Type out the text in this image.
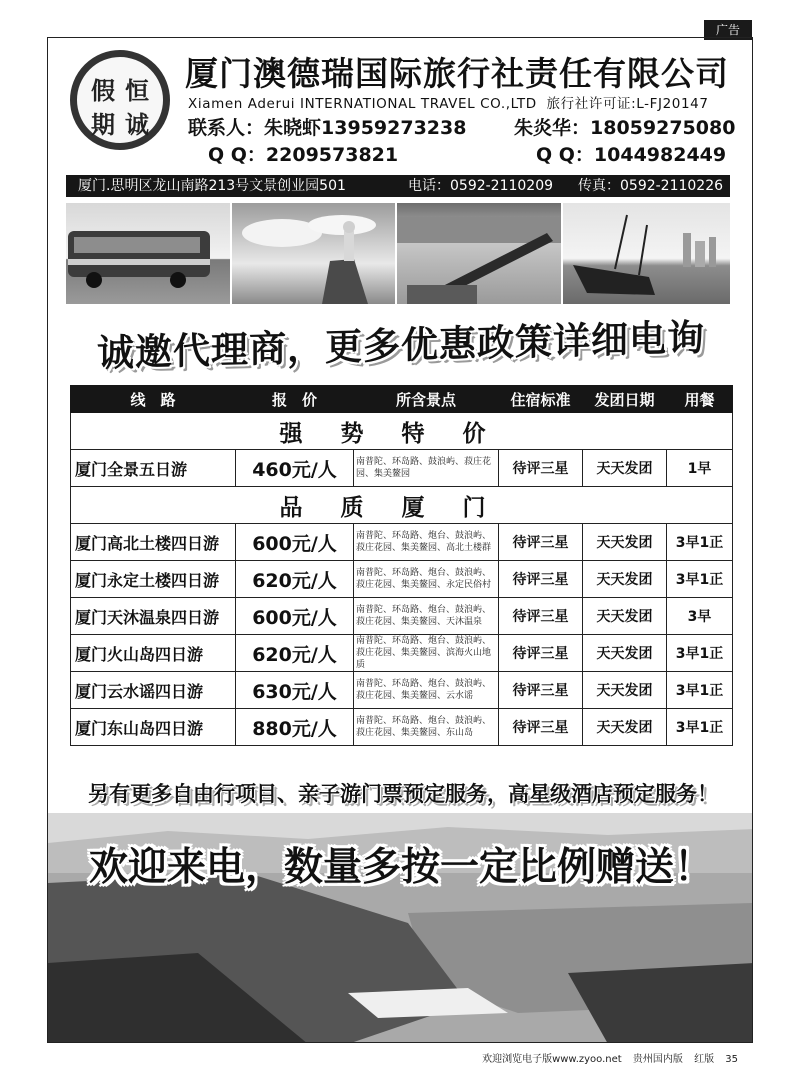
广告
假 恒
期 诚
厦门澳德瑞国际旅行社责任有限公司
Xiamen Aderui INTERNATIONAL TRAVEL CO.,LTD 旅行社许可证:L-FJ20147
联系人：朱晓虾13959273238	朱炎华：18059275080
Q Q：2209573821	Q Q：1044982449
厦门.思明区龙山南路213号文景创业园501	电话：0592-2110209 传真：0592-2110226
诚邀代理商，更多优惠政策详细电询
线　路	报　价	所含景点	住宿标准	发团日期	用餐
强势特价					
厦门全景五日游	460元/人	南普陀、环岛路、鼓浪屿、菽庄花园、集美鳌园	待评三星	天天发团	1早
品质厦门					
厦门高北土楼四日游	600元/人	南普陀、环岛路、炮台、鼓浪屿、菽庄花园、集美鳌园、高北土楼群	待评三星	天天发团	3早1正
厦门永定土楼四日游	620元/人	南普陀、环岛路、炮台、鼓浪屿、菽庄花园、集美鳌园、永定民俗村	待评三星	天天发团	3早1正
厦门天沐温泉四日游	600元/人	南普陀、环岛路、炮台、鼓浪屿、菽庄花园、集美鳌园、天沐温泉	待评三星	天天发团	3早
厦门火山岛四日游	620元/人	南普陀、环岛路、炮台、鼓浪屿、菽庄花园、集美鳌园、滨海火山地质	待评三星	天天发团	3早1正
厦门云水谣四日游	630元/人	南普陀、环岛路、炮台、鼓浪屿、菽庄花园、集美鳌园、云水谣	待评三星	天天发团	3早1正
厦门东山岛四日游	880元/人	南普陀、环岛路、炮台、鼓浪屿、菽庄花园、集美鳌园、东山岛	待评三星	天天发团	3早1正
另有更多自由行项目、亲子游门票预定服务，高星级酒店预定服务！
欢迎来电，数量多按一定比例赠送！
欢迎浏览电子版www.zyoo.net 贵州国内版 红版 35
